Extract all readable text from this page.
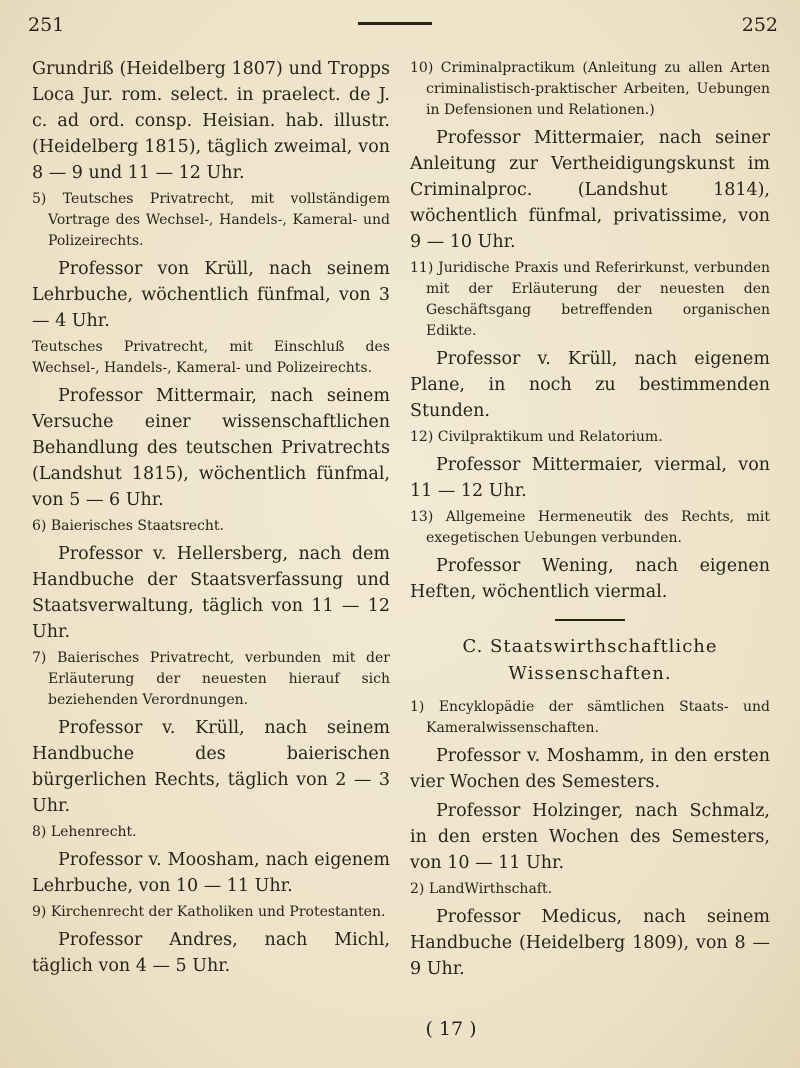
251	252

Grundriß (Heidelberg 1807) und Tropps Loca Jur. rom. select. in praelect. de J. c. ad ord. consp. Heisian. hab. illustr. (Heidelberg 1815), täglich zweimal, von 8 — 9 und 11 — 12 Uhr.

5) Teutsches Privatrecht, mit vollständigem Vortrage des Wechsel-, Handels-, Kameral- und Polizeirechts.

Professor von Krüll, nach seinem Lehrbuche, wöchentlich fünfmal, von 3 — 4 Uhr.

Teutsches Privatrecht, mit Einschluß des Wechsel-, Handels-, Kameral- und Polizeirechts.

Professor Mittermair, nach seinem Versuche einer wissenschaftlichen Behandlung des teutschen Privatrechts (Landshut 1815), wöchentlich fünfmal, von 5 — 6 Uhr.

6) Baierisches Staatsrecht.

Professor v. Hellersberg, nach dem Handbuche der Staatsverfassung und Staatsverwaltung, täglich von 11 — 12 Uhr.

7) Baierisches Privatrecht, verbunden mit der Erläuterung der neuesten hierauf sich beziehenden Verordnungen.

Professor v. Krüll, nach seinem Handbuche des baierischen bürgerlichen Rechts, täglich von 2 — 3 Uhr.

8) Lehenrecht.

Professor v. Moosham, nach eigenem Lehrbuche, von 10 — 11 Uhr.

9) Kirchenrecht der Katholiken und Protestanten.

Professor Andres, nach Michl, täglich von 4 — 5 Uhr.

10) Criminalpractikum (Anleitung zu allen Arten criminalistisch-praktischer Arbeiten, Uebungen in Defensionen und Relationen.)

Professor Mittermaier, nach seiner Anleitung zur Vertheidigungskunst im Criminalproc. (Landshut 1814), wöchentlich fünfmal, privatissime, von 9 — 10 Uhr.

11) Juridische Praxis und Referirkunst, verbunden mit der Erläuterung der neuesten den Geschäftsgang betreffenden organischen Edikte.

Professor v. Krüll, nach eigenem Plane, in noch zu bestimmenden Stunden.

12) Civilpraktikum und Relatorium.

Professor Mittermaier, viermal, von 11 — 12 Uhr.

13) Allgemeine Hermeneutik des Rechts, mit exegetischen Uebungen verbunden.

Professor Wening, nach eigenen Heften, wöchentlich viermal.

C. Staatswirthschaftliche Wissenschaften.

1) Encyklopädie der sämtlichen Staats- und Kameralwissenschaften.

Professor v. Moshamm, in den ersten vier Wochen des Semesters.

Professor Holzinger, nach Schmalz, in den ersten Wochen des Semesters, von 10 — 11 Uhr.

2) LandWirthschaft.

Professor Medicus, nach seinem Handbuche (Heidelberg 1809), von 8 — 9 Uhr.

( 17 )
